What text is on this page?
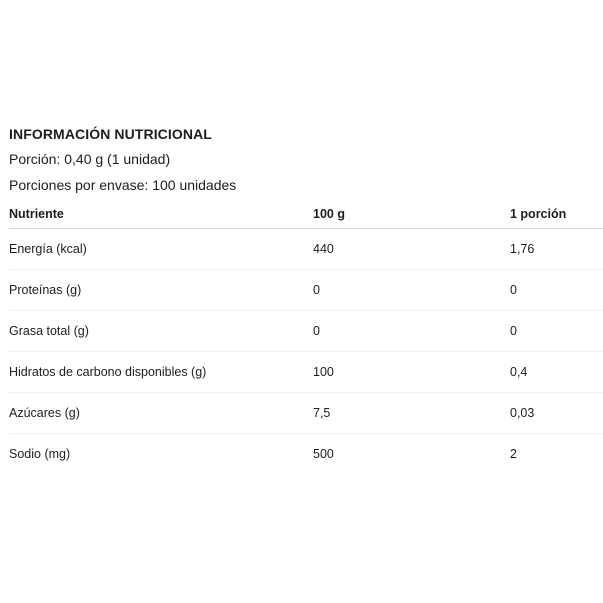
INFORMACIÓN NUTRICIONAL
Porción: 0,40 g (1 unidad)
Porciones por envase: 100 unidades
Nutriente	100 g	1 porción
Energía (kcal)	440	1,76
Proteínas (g)	0	0
Grasa total (g)	0	0
Hidratos de carbono disponibles (g)	100	0,4
Azúcares (g)	7,5	0,03
Sodio (mg)	500	2
